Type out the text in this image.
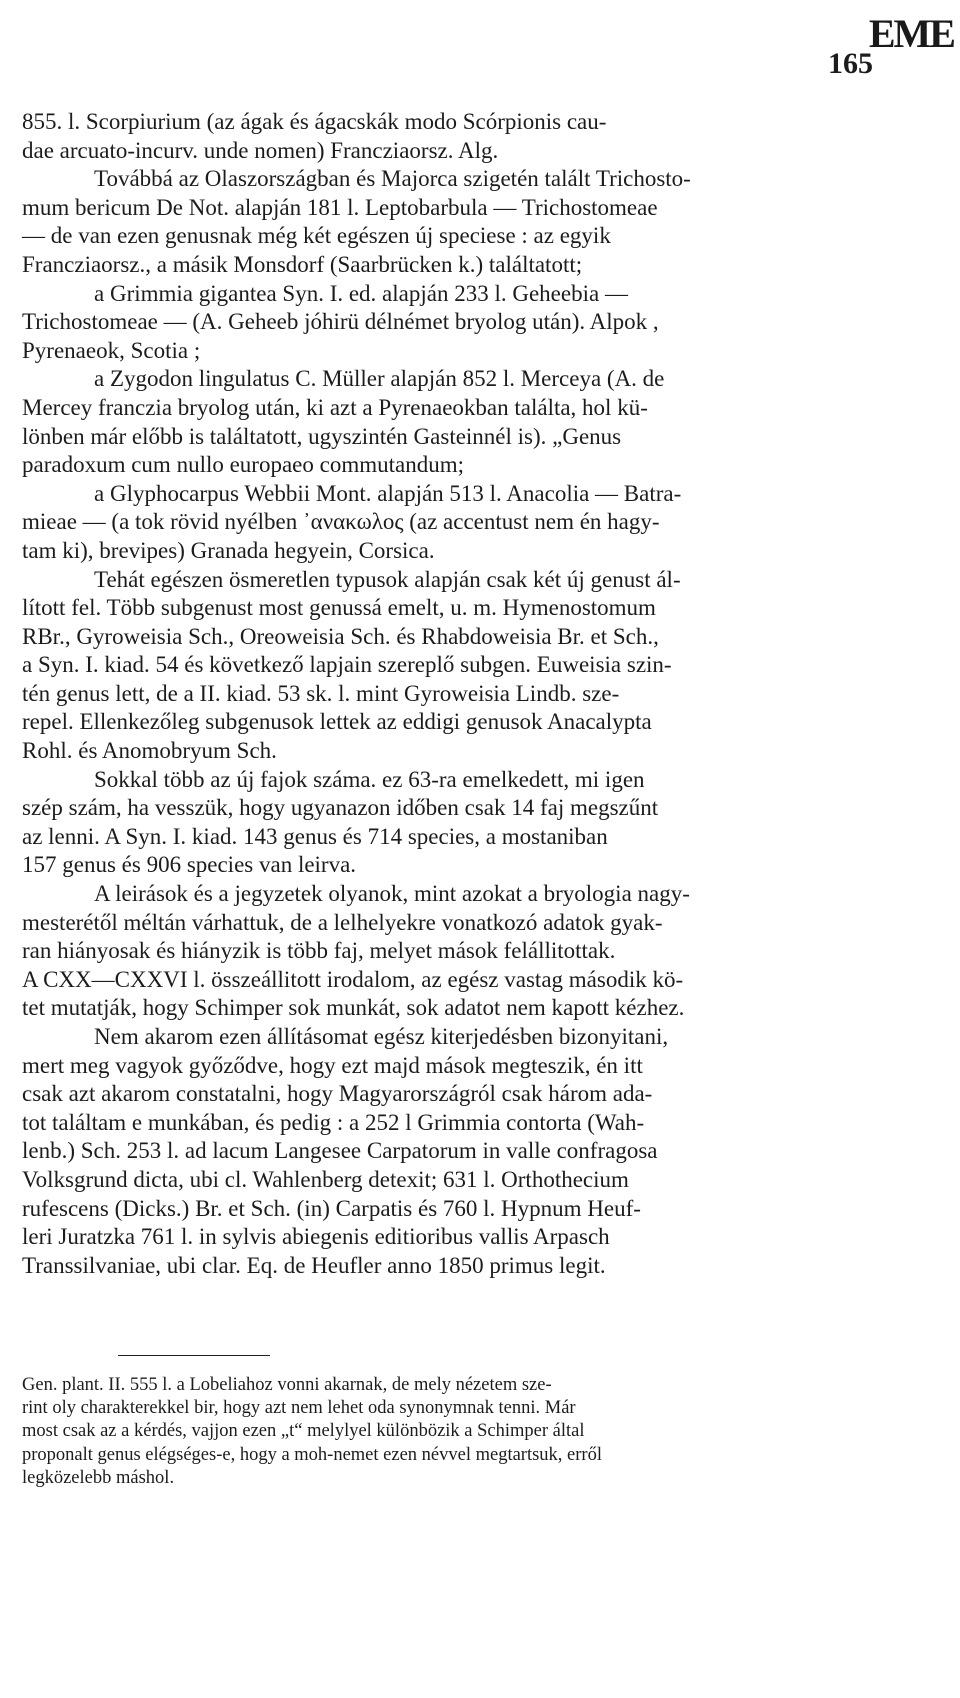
EME
165
855. l. Scorpiurium (az ágak és ágacskák modo Scórpionis cau-
dae arcuato-incurv. unde nomen) Francziaorsz. Alg.
Továbbá az Olaszországban és Majorca szigetén talált Trichosto-
mum bericum De Not. alapján 181 l. Leptobarbula — Trichostomeae
— de van ezen genusnak még két egészen új speciese : az egyik
Francziaorsz., a másik Monsdorf (Saarbrücken k.) találtatott;
a Grimmia gigantea Syn. I. ed. alapján 233 l. Geheebia —
Trichostomeae — (A. Geheeb jóhirü délnémet bryolog után). Alpok ,
Pyrenaeok, Scotia ;
a Zygodon lingulatus C. Müller alapján 852 l. Merceya (A. de
Mercey franczia bryolog után, ki azt a Pyrenaeokban találta, hol kü-
lönben már előbb is találtatott, ugyszintén Gasteinnél is). „Genus
paradoxum cum nullo europaeo commutandum;
a Glyphocarpus Webbii Mont. alapján 513 l. Anacolia — Batra-
mieae — (a tok rövid nyélben ᾽ανακωλος (az accentust nem én hagy-
tam ki), brevipes) Granada hegyein, Corsica.
Tehát egészen ösmeretlen typusok alapján csak két új genust ál-
lított fel. Több subgenust most genussá emelt, u. m. Hymenostomum
RBr., Gyroweisia Sch., Oreoweisia Sch. és Rhabdoweisia Br. et Sch.,
a Syn. I. kiad. 54 és következő lapjain szereplő subgen. Euweisia szin-
tén genus lett, de a II. kiad. 53 sk. l. mint Gyroweisia Lindb. sze-
repel. Ellenkezőleg subgenusok lettek az eddigi genusok Anacalypta
Rohl. és Anomobryum Sch.
Sokkal több az új fajok száma. ez 63-ra emelkedett, mi igen
szép szám, ha vesszük, hogy ugyanazon időben csak 14 faj megszűnt
az lenni. A Syn. I. kiad. 143 genus és 714 species, a mostaniban
157 genus és 906 species van leirva.
A leirások és a jegyzetek olyanok, mint azokat a bryologia nagy-
mesterétől méltán várhattuk, de a lelhelyekre vonatkozó adatok gyak-
ran hiányosak és hiányzik is több faj, melyet mások felállitottak.
A CXX—CXXVI l. összeállitott irodalom, az egész vastag második kö-
tet mutatják, hogy Schimper sok munkát, sok adatot nem kapott kézhez.
Nem akarom ezen állításomat egész kiterjedésben bizonyitani,
mert meg vagyok győződve, hogy ezt majd mások megteszik, én itt
csak azt akarom constatalni, hogy Magyarországról csak három ada-
tot találtam e munkában, és pedig : a 252 l Grimmia contorta (Wah-
lenb.) Sch. 253 l. ad lacum Langesee Carpatorum in valle confragosa
Volksgrund dicta, ubi cl. Wahlenberg detexit; 631 l. Orthothecium
rufescens (Dicks.) Br. et Sch. (in) Carpatis és 760 l. Hypnum Heuf-
leri Juratzka 761 l. in sylvis abiegenis editioribus vallis Arpasch
Transsilvaniae, ubi clar. Eq. de Heufler anno 1850 primus legit.
Gen. plant. II. 555 l. a Lobeliahoz vonni akarnak, de mely nézetem sze-
rint oly charakterekkel bir, hogy azt nem lehet oda synonymnak tenni. Már
most csak az a kérdés, vajjon ezen „t“ melylyel különbözik a Schimper által
proponalt genus elégséges-e, hogy a moh-nemet ezen névvel megtartsuk, erről
legközelebb máshol.
